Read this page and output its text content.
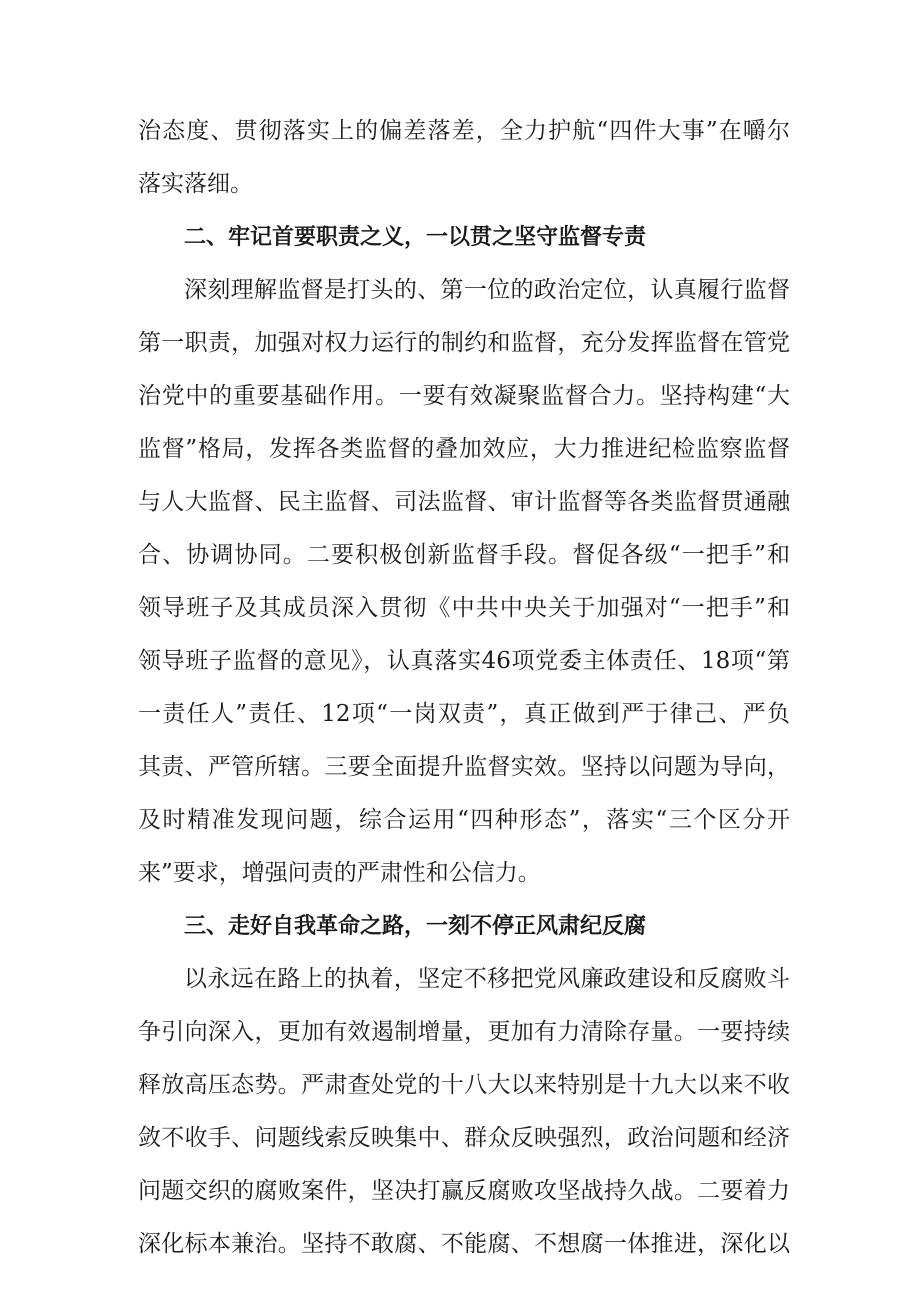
治态度、贯彻落实上的偏差落差，全力护航“四件大事”在嚼尔
落实落细。
二、牢记首要职责之义，一以贯之坚守监督专责
深刻理解监督是打头的、第一位的政治定位，认真履行监督
第一职责，加强对权力运行的制约和监督，充分发挥监督在管党
治党中的重要基础作用。一要有效凝聚监督合力。坚持构建“大
监督”格局，发挥各类监督的叠加效应，大力推进纪检监察监督
与人大监督、民主监督、司法监督、审计监督等各类监督贯通融
合、协调协同。二要积极创新监督手段。督促各级“一把手”和
领导班子及其成员深入贯彻《中共中央关于加强对“一把手”和
领导班子监督的意见》，认真落实46项党委主体责任、18项“第
一责任人”责任、12项“一岗双责”，真正做到严于律己、严负
其责、严管所辖。三要全面提升监督实效。坚持以问题为导向，
及时精准发现问题，综合运用“四种形态”，落实“三个区分开
来”要求，增强问责的严肃性和公信力。
三、走好自我革命之路，一刻不停正风肃纪反腐
以永远在路上的执着，坚定不移把党风廉政建设和反腐败斗
争引向深入，更加有效遏制增量，更加有力清除存量。一要持续
释放高压态势。严肃查处党的十八大以来特别是十九大以来不收
敛不收手、问题线索反映集中、群众反映强烈，政治问题和经济
问题交织的腐败案件，坚决打赢反腐败攻坚战持久战。二要着力
深化标本兼治。坚持不敢腐、不能腐、不想腐一体推进，深化以
